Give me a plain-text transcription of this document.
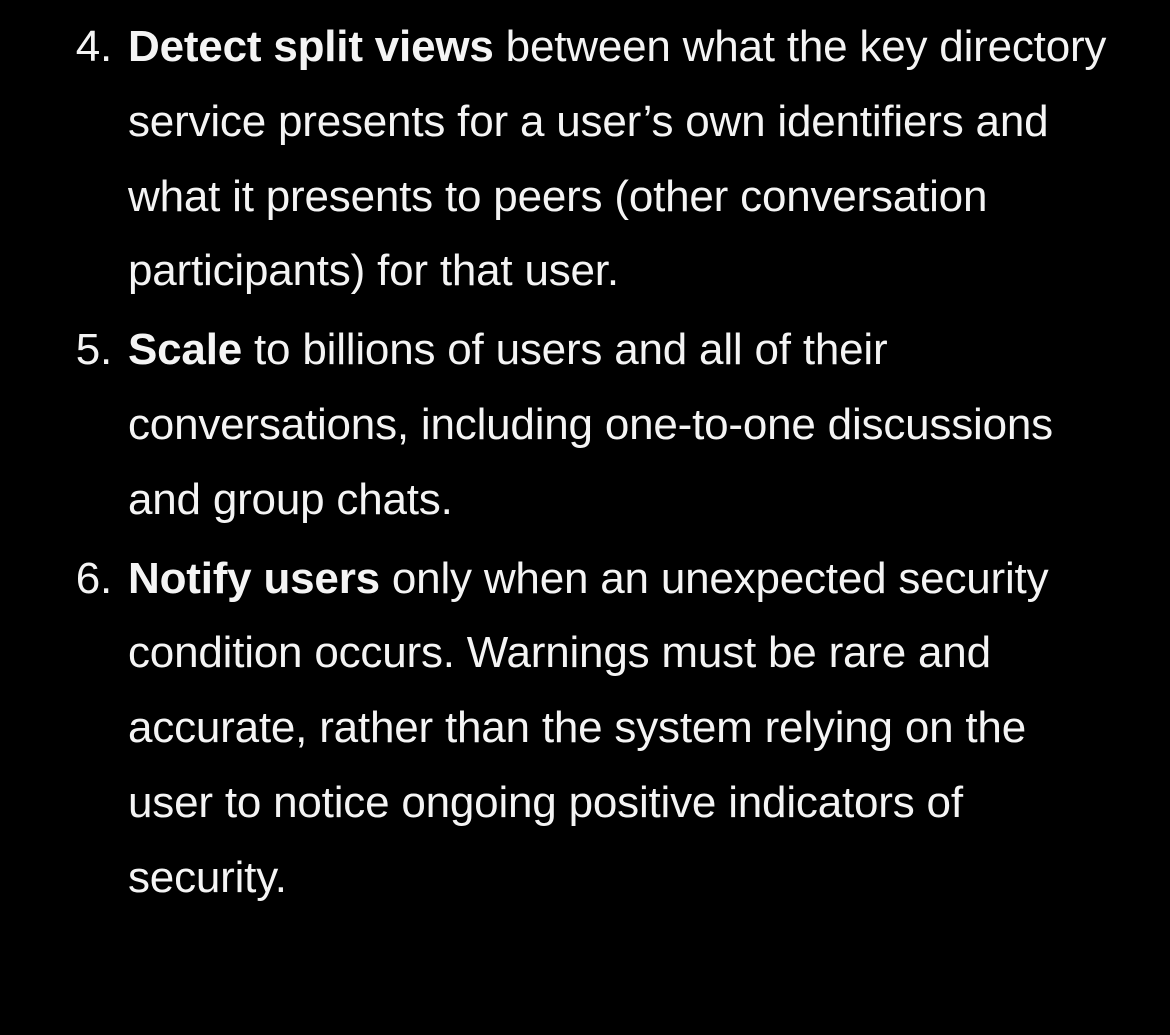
4. Detect split views between what the key directory service presents for a user’s own identifiers and what it presents to peers (other conversation participants) for that user.
5. Scale to billions of users and all of their conversations, including one-to-one discussions and group chats.
6. Notify users only when an unexpected security condition occurs. Warnings must be rare and accurate, rather than the system relying on the user to notice ongoing positive indicators of security.
